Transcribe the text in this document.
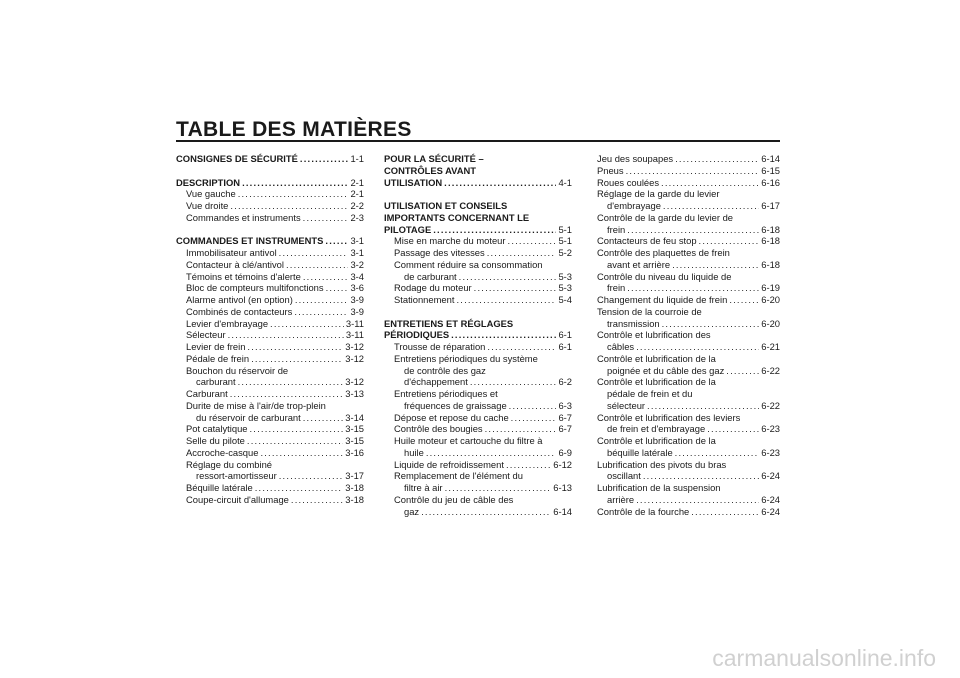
TABLE DES MATIÈRES
CONSIGNES DE SÉCURITÉ .....	1-1
DESCRIPTION .....	2-1
Vue gauche .....	2-1
Vue droite .....	2-2
Commandes et instruments .....	2-3
COMMANDES ET INSTRUMENTS .....	3-1
Immobilisateur antivol .....	3-1
Contacteur à clé/antivol .....	3-2
Témoins et témoins d'alerte .....	3-4
Bloc de compteurs multifonctions .....	3-6
Alarme antivol (en option) .....	3-9
Combinés de contacteurs .....	3-9
Levier d'embrayage .....	3-11
Sélecteur .....	3-11
Levier de frein .....	3-12
Pédale de frein .....	3-12
Bouchon du réservoir de
carburant .....	3-12
Carburant .....	3-13
Durite de mise à l'air/de trop-plein
du réservoir de carburant .....	3-14
Pot catalytique .....	3-15
Selle du pilote .....	3-15
Accroche-casque .....	3-16
Réglage du combiné
ressort-amortisseur .....	3-17
Béquille latérale .....	3-18
Coupe-circuit d'allumage .....	3-18
POUR LA SÉCURITÉ –
CONTRÔLES AVANT
UTILISATION .....	4-1
UTILISATION ET CONSEILS
IMPORTANTS CONCERNANT LE
PILOTAGE .....	5-1
Mise en marche du moteur .....	5-1
Passage des vitesses .....	5-2
Comment réduire sa consommation
de carburant .....	5-3
Rodage du moteur .....	5-3
Stationnement .....	5-4
ENTRETIENS ET RÉGLAGES
PÉRIODIQUES .....	6-1
Trousse de réparation .....	6-1
Entretiens périodiques du système
de contrôle des gaz
d'échappement .....	6-2
Entretiens périodiques et
fréquences de graissage .....	6-3
Dépose et repose du cache .....	6-7
Contrôle des bougies .....	6-7
Huile moteur et cartouche du filtre à
huile .....	6-9
Liquide de refroidissement .....	6-12
Remplacement de l'élément du
filtre à air .....	6-13
Contrôle du jeu de câble des
gaz .....	6-14
Jeu des soupapes .....	6-14
Pneus .....	6-15
Roues coulées .....	6-16
Réglage de la garde du levier
d'embrayage .....	6-17
Contrôle de la garde du levier de
frein .....	6-18
Contacteurs de feu stop .....	6-18
Contrôle des plaquettes de frein
avant et arrière .....	6-18
Contrôle du niveau du liquide de
frein .....	6-19
Changement du liquide de frein .....	6-20
Tension de la courroie de
transmission .....	6-20
Contrôle et lubrification des
câbles .....	6-21
Contrôle et lubrification de la
poignée et du câble des gaz .....	6-22
Contrôle et lubrification de la
pédale de frein et du
sélecteur .....	6-22
Contrôle et lubrification des leviers
de frein et d'embrayage .....	6-23
Contrôle et lubrification de la
béquille latérale .....	6-23
Lubrification des pivots du bras
oscillant .....	6-24
Lubrification de la suspension
arrière .....	6-24
Contrôle de la fourche .....	6-24
carmanualsonline.info
